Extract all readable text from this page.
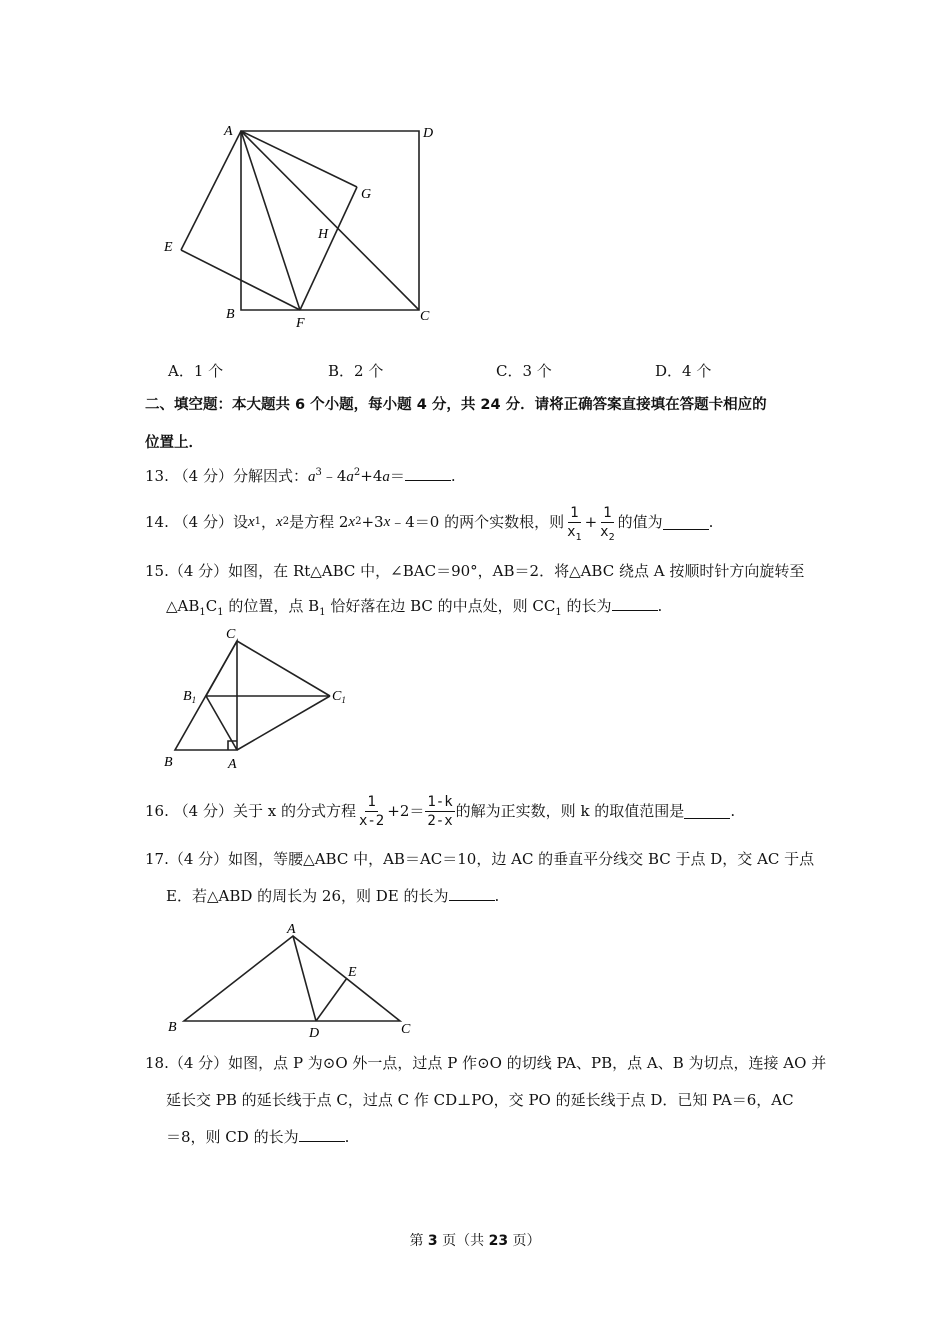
A	D
E
G
H
B
F	C
A．1 个	B．2 个	C．3 个	D．4 个
二、填空题：本大题共 6 个小题，每小题 4 分，共 24 分．请将正确答案直接填在答题卡相应的
位置上．
13. （4 分）分解因式：$a^3﹣4a^2+4a=$	.
14.
（4 分） 设 x 1 ， x 2 是方程 2 x 2 +3 x ﹣4＝0 的两个实数根，则 $\frac{1}{x_1} + \frac{1}{x_2}$ 的值为	.
15.（4 分）如图，在 Rt△ABC 中，∠BAC＝90°，AB＝2．将△ABC 绕点 A 按顺时针方向旋转至
$\triangle AB_1C_1$ 的位置，点 $B_1$ 恰好落在边 BC 的中点处，则 $CC_1$ 的长为	.
C
$B_1$	$C_1$
B	A
16.
（4 分） 关于 x 的分式方程 $\frac{1}{x-2} +2= \frac{1-k}{2-x}$ 的解为正实数，则 k 的取值范围是	.
17.（4 分）如图，等腰△ABC 中，AB＝AC＝10，边 AC 的垂直平分线交 BC 于点 D，交 AC 于点
E．若△ABD 的周长为 26，则 DE 的长为	.
A
E
B	D	C
18.（4 分）如图，点 P 为⊙O 外一点，过点 P 作⊙O 的切线 PA、PB，点 A、B 为切点，连接 AO 并
延长交 PB 的延长线于点 C，过点 C 作 CD⊥PO，交 PO 的延长线于点 D．已知 PA＝6，AC
＝8，则 CD 的长为	.
第 3 页（共 23 页）
